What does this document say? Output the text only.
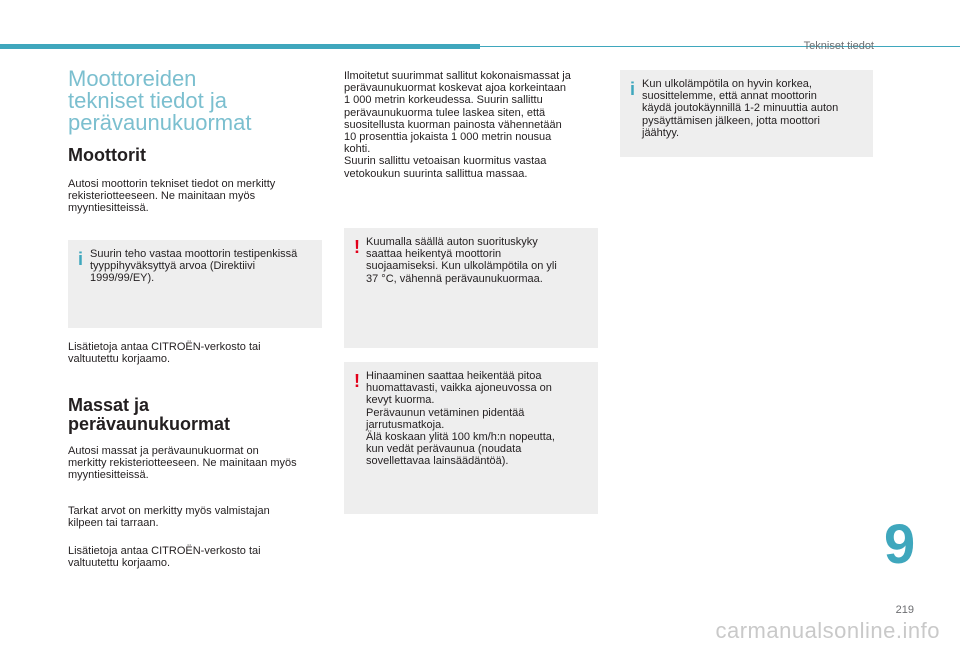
Tekniset tiedot
Moottoreiden
tekniset tiedot ja
perävaunukuormat
Moottorit
Autosi moottorin tekniset tiedot on merkitty
rekisteriotteeseen. Ne mainitaan myös
myyntiesitteissä.
i Suurin teho vastaa moottorin testipenkissä
tyyppihyväksyttyä arvoa (Direktiivi
1999/99/EY).
Lisätietoja antaa CITROËN-verkosto tai
valtuutettu korjaamo.
Massat ja
perävaunukuormat
Autosi massat ja perävaunukuormat on
merkitty rekisteriotteeseen. Ne mainitaan myös
myyntiesitteissä.
Tarkat arvot on merkitty myös valmistajan
kilpeen tai tarraan.
Lisätietoja antaa CITROËN-verkosto tai
valtuutettu korjaamo.
Ilmoitetut suurimmat sallitut kokonaismassat ja
perävaunukuormat koskevat ajoa korkeintaan
1 000 metrin korkeudessa. Suurin sallittu
perävaunukuorma tulee laskea siten, että
suositellusta kuorman painosta vähennetään
10 prosenttia jokaista 1 000 metrin nousua
kohti.
Suurin sallittu vetoaisan kuormitus vastaa
vetokoukun suurinta sallittua massaa.
! Kuumalla säällä auton suorituskyky
saattaa heikentyä moottorin
suojaamiseksi. Kun ulkolämpötila on yli
37 °C, vähennä perävaunukuormaa.
! Hinaaminen saattaa heikentää pitoa
huomattavasti, vaikka ajoneuvossa on
kevyt kuorma.
Perävaunun vetäminen pidentää
jarrutusmatkoja.
Älä koskaan ylitä 100 km/h:n nopeutta,
kun vedät perävaunua (noudata
sovellettavaa lainsäädäntöä).
i Kun ulkolämpötila on hyvin korkea,
suosittelemme, että annat moottorin
käydä joutokäynnillä 1-2 minuuttia auton
pysäyttämisen jälkeen, jotta moottori
jäähtyy.
9
219
carmanualsonline.info
